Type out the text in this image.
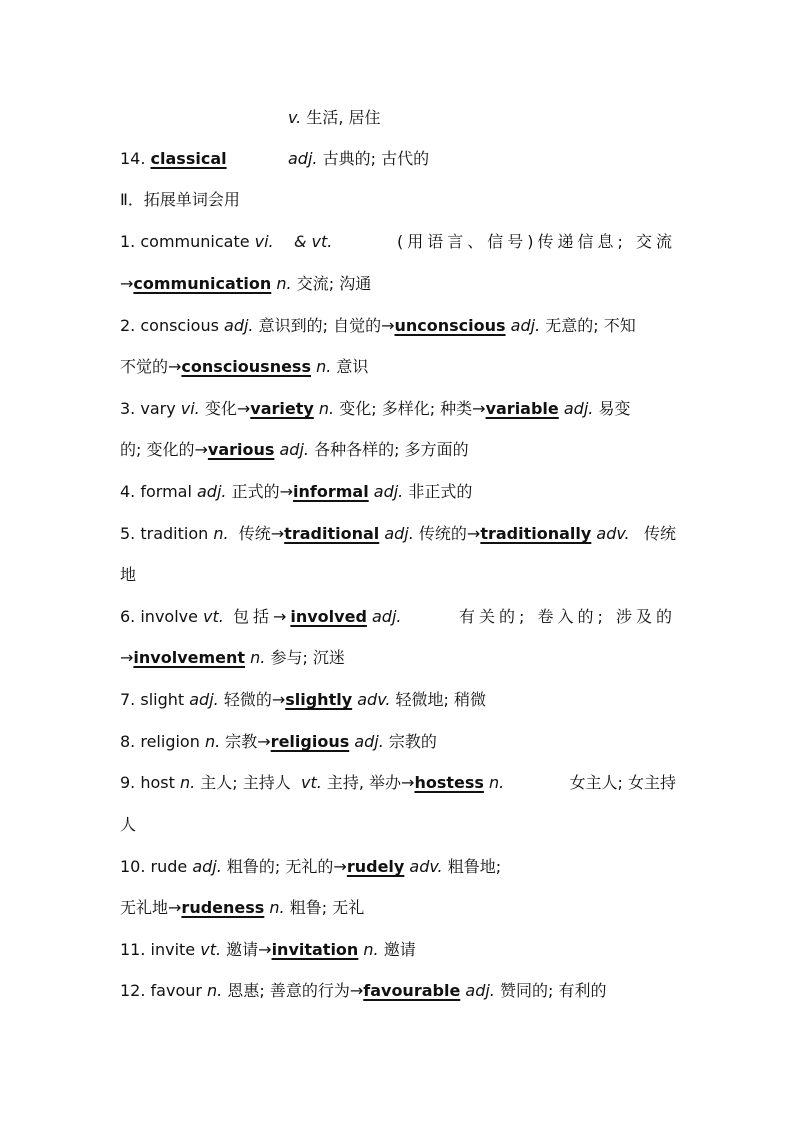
v. 生活, 居住
14. classical	adj. 古典的; 古代的
Ⅱ．拓展单词会用
1. communicate vi. & vt.	(用语言、信号)传递信息; 交流
→communication n. 交流; 沟通
2. conscious adj. 意识到的; 自觉的→unconscious adj. 无意的; 不知
不觉的→consciousness n. 意识
3. vary vi. 变化→variety n. 变化; 多样化; 种类→variable adj. 易变
的; 变化的→various adj. 各种各样的; 多方面的
4. formal adj. 正式的→informal adj. 非正式的
5. tradition n.  传统→traditional adj. 传统的→traditionally adv. 传统
地
6. involve vt. 包括→involved adj.	有关的; 卷入的; 涉及的
→involvement n. 参与; 沉迷
7. slight adj. 轻微的→slightly adv. 轻微地; 稍微
8. religion n. 宗教→religious adj. 宗教的
9. host n. 主人; 主持人  vt. 主持, 举办→hostess n.	女主人; 女主持
人
10. rude adj. 粗鲁的; 无礼的→rudely adv. 粗鲁地;
无礼地→rudeness n. 粗鲁; 无礼
11. invite vt. 邀请→invitation n. 邀请
12. favour n. 恩惠; 善意的行为→favourable adj. 赞同的; 有利的
